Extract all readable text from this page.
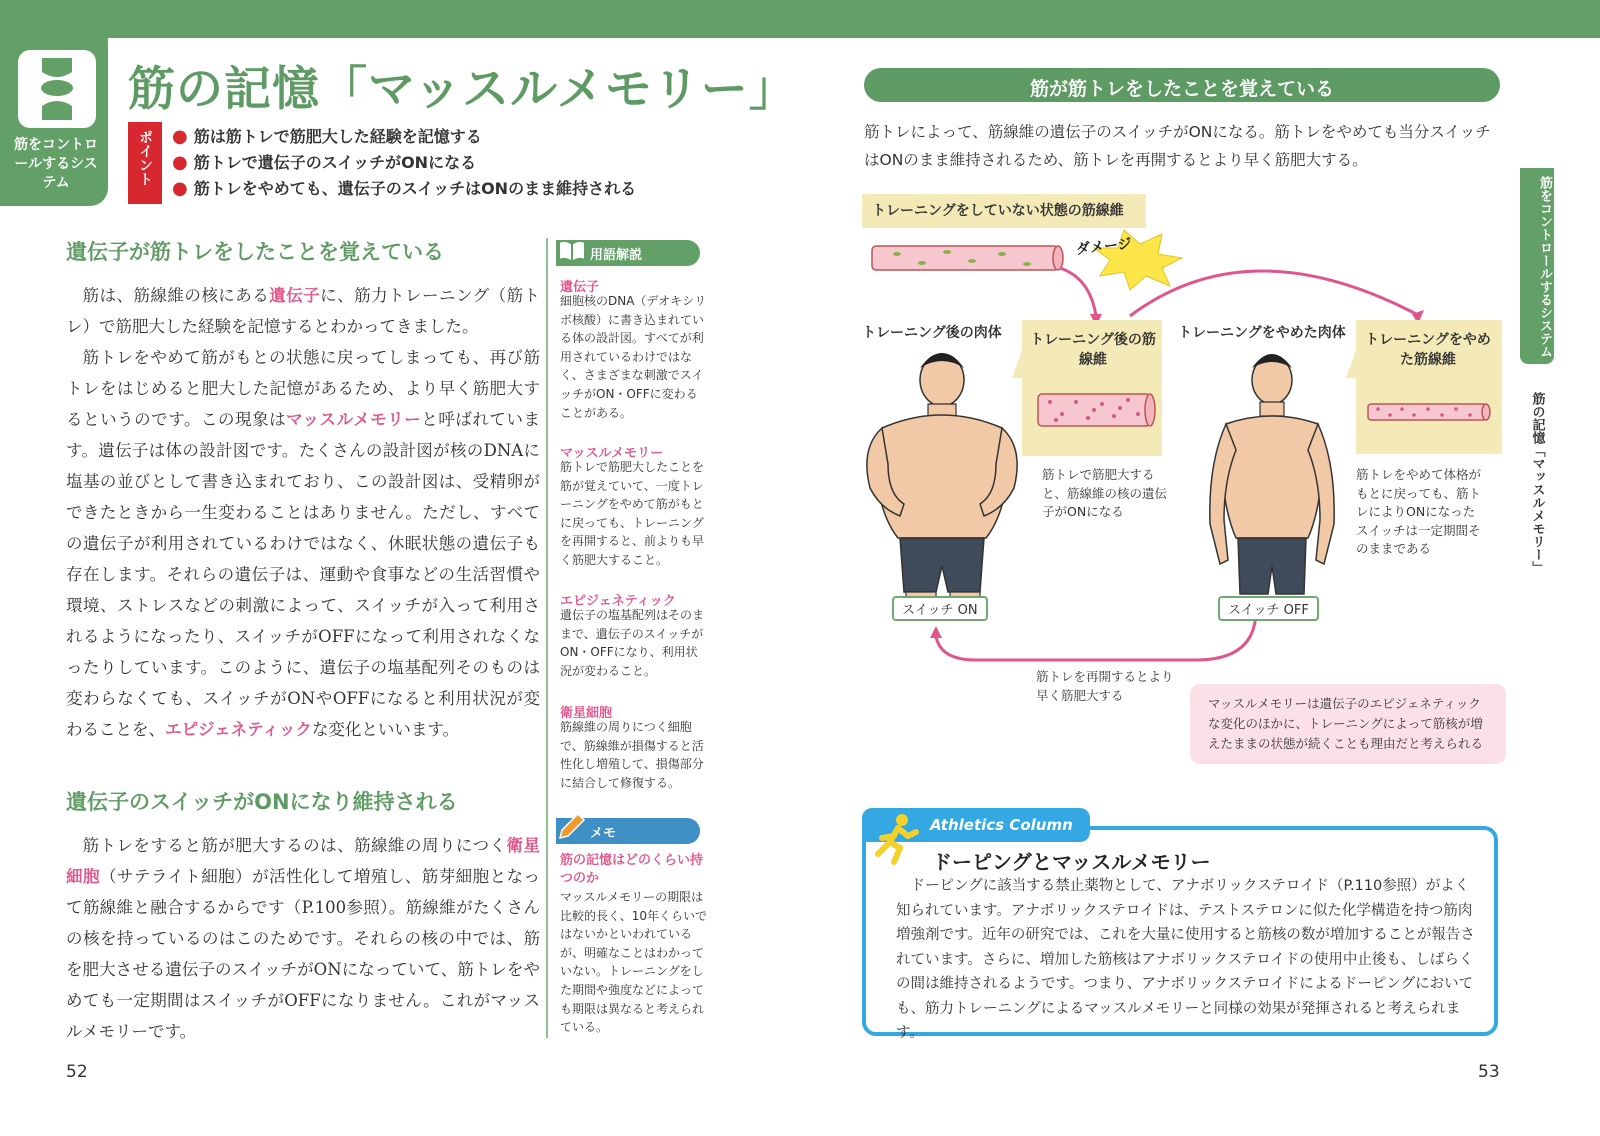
筋をコントロールするシステム
筋の記憶「マッスルメモリー」
ポイント	● 筋は筋トレで筋肥大した経験を記憶する
● 筋トレで遺伝子のスイッチがONになる
● 筋トレをやめても、遺伝子のスイッチはONのまま維持される
遺伝子が筋トレをしたことを覚えている

筋は、筋線維の核にある遺伝子に、筋力トレーニング（筋トレ）で筋肥大した経験を記憶するとわかってきました。

筋トレをやめて筋がもとの状態に戻ってしまっても、再び筋トレをはじめると肥大した記憶があるため、より早く筋肥大するというのです。この現象はマッスルメモリーと呼ばれています。遺伝子は体の設計図です。たくさんの設計図が核のDNAに塩基の並びとして書き込まれており、この設計図は、受精卵ができたときから一生変わることはありません。ただし、すべての遺伝子が利用されているわけではなく、休眠状態の遺伝子も存在します。それらの遺伝子は、運動や食事などの生活習慣や環境、ストレスなどの刺激によって、スイッチが入って利用されるようになったり、スイッチがOFFになって利用されなくなったりしています。このように、遺伝子の塩基配列そのものは変わらなくても、スイッチがONやOFFになると利用状況が変わることを、エピジェネティックな変化といいます。

遺伝子のスイッチがONになり維持される

筋トレをすると筋が肥大するのは、筋線維の周りにつく衛星細胞（サテライト細胞）が活性化して増殖し、筋芽細胞となって筋線維と融合するからです（P.100参照）。筋線維がたくさんの核を持っているのはこのためです。それらの核の中では、筋を肥大させる遺伝子のスイッチがONになっていて、筋トレをやめても一定期間はスイッチがOFFになりません。これがマッスルメモリーです。

52
用語解説
遺伝子
細胞核のDNA（デオキシリボ核酸）に書き込まれている体の設計図。すべてが利用されているわけではなく、さまざまな刺激でスイッチがON・OFFに変わることがある。
マッスルメモリー
筋トレで筋肥大したことを筋が覚えていて、一度トレーニングをやめて筋がもとに戻っても、トレーニングを再開すると、前よりも早く筋肥大すること。
エピジェネティック
遺伝子の塩基配列はそのままで、遺伝子のスイッチがON・OFFになり、利用状況が変わること。
衛星細胞
筋線維の周りにつく細胞で、筋線維が損傷すると活性化し増殖して、損傷部分に結合して修復する。
メモ
筋の記憶はどのくらい持つのか
マッスルメモリーの期限は比較的長く、10年くらいではないかといわれているが、明確なことはわかっていない。トレーニングをした期間や強度などによっても期限は異なると考えられている。
筋が筋トレをしたことを覚えている
筋トレによって、筋線維の遺伝子のスイッチがONになる。筋トレをやめても当分スイッチはONのまま維持されるため、筋トレを再開するとより早く筋肥大する。
トレーニングをしていない状態の筋線維
ダメージ
トレーニング後の肉体 トレーニング後の筋線維
筋トレで筋肥大すると、筋線維の核の遺伝子がONになる
スイッチ ON
トレーニングをやめた肉体 トレーニングをやめた筋線維
筋トレをやめて体格がもとに戻っても、筋トレによりONになったスイッチは一定期間そのままである
スイッチ OFF
筋トレを再開するとより早く筋肥大する
マッスルメモリーは遺伝子のエピジェネティックな変化のほかに、トレーニングによって筋核が増えたままの状態が続くことも理由だと考えられる
Athletics Column
ドーピングとマッスルメモリー

ドーピングに該当する禁止薬物として、アナボリックステロイド（P.110参照）がよく知られています。アナボリックステロイドは、テストステロンに似た化学構造を持つ筋肉増強剤です。近年の研究では、これを大量に使用すると筋核の数が増加することが報告されています。さらに、増加した筋核はアナボリックステロイドの使用中止後も、しばらくの間は維持されるようです。つまり、アナボリックステロイドによるドーピングにおいても、筋力トレーニングによるマッスルメモリーと同様の効果が発揮されると考えられます。

筋をコントロールするシステム
筋の記憶「マッスルメモリー」
53
